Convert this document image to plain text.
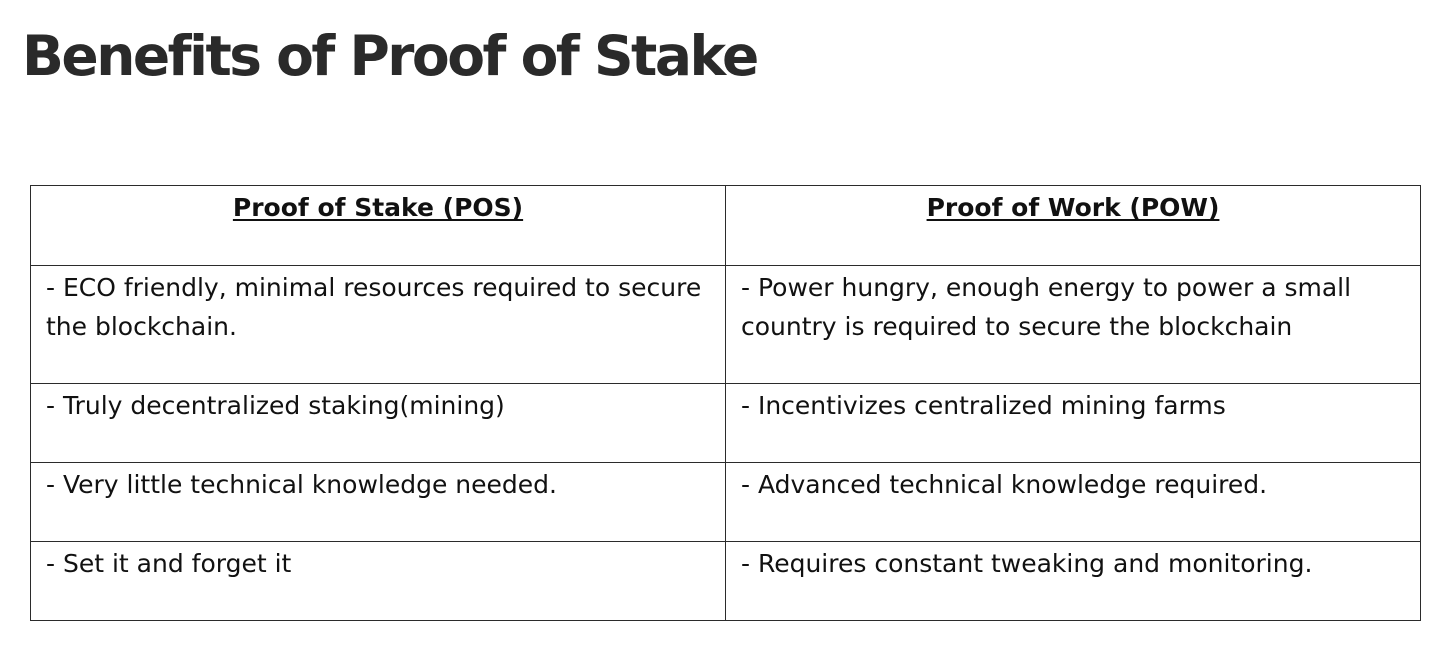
Benefits of Proof of Stake
Proof of Stake (POS)	Proof of Work (POW)
- ECO friendly, minimal resources required to secure the blockchain.	- Power hungry, enough energy to power a small country is required to secure the blockchain
- Truly decentralized staking(mining)	- Incentivizes centralized mining farms
- Very little technical knowledge needed.	- Advanced technical knowledge required.
- Set it and forget it	- Requires constant tweaking and monitoring.
